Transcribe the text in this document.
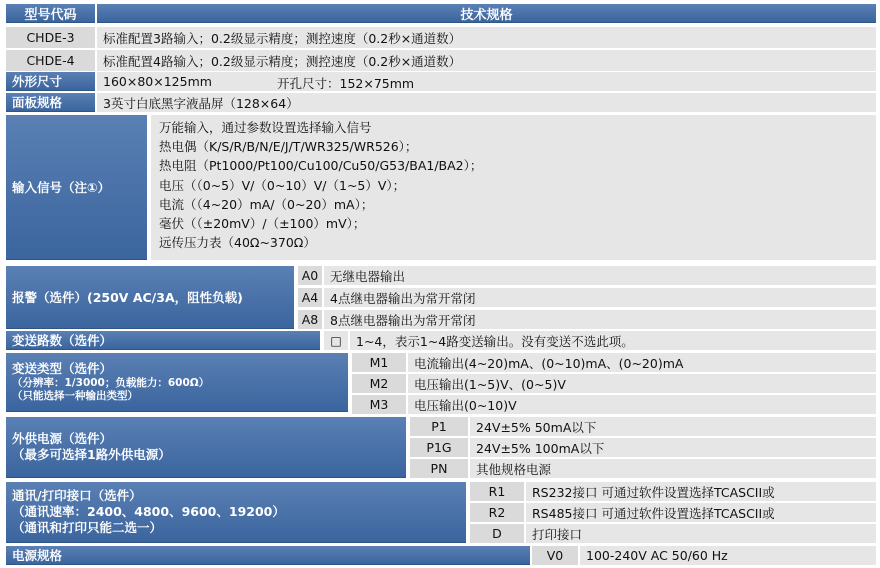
型号代码	技术规格
CHDE-3	标准配置3路输入；0.2级显示精度；测控速度（0.2秒×通道数）
CHDE-4	标准配置4路输入；0.2级显示精度；测控速度（0.2秒×通道数）
外形尺寸	160×80×125mm	开孔尺寸：152×75mm
面板规格	3英寸白底黑字液晶屏（128×64）
输入信号（注①）
万能输入，通过参数设置选择输入信号
热电偶（K/S/R/B/N/E/J/T/WR325/WR526）；
热电阻（Pt1000/Pt100/Cu100/Cu50/G53/BA1/BA2）；
电压（（0~5）V/（0~10）V/（1~5）V）；
电流（（4~20）mA/（0~20）mA）；
毫伏（（±20mV）/（±100）mV）；
远传压力表（40Ω~370Ω）
报警（选件）(250V AC/3A，阻性负载)
A0 无继电器输出
A4 4点继电器输出为常开常闭
A8 8点继电器输出为常开常闭
变送路数（选件）	□	1~4，表示1~4路变送输出。没有变送不选此项。
变送类型（选件）
（分辨率：1/3000；负载能力：600Ω）
（只能选择一种输出类型）
M1	电流输出(4~20)mA、(0~10)mA、(0~20)mA
M2	电压输出(1~5)V、(0~5)V
M3	电压输出(0~10)V
外供电源（选件）
（最多可选择1路外供电源）
P1	24V±5% 50mA以下
P1G	24V±5% 100mA以下
PN	其他规格电源
通讯/打印接口（选件）
（通讯速率：2400、4800、9600、19200）
（通讯和打印只能二选一）
R1	RS232接口 可通过软件设置选择TCASCII或
R2	RS485接口 可通过软件设置选择TCASCII或
D	打印接口
电源规格	V0	100-240V AC 50/60 Hz
